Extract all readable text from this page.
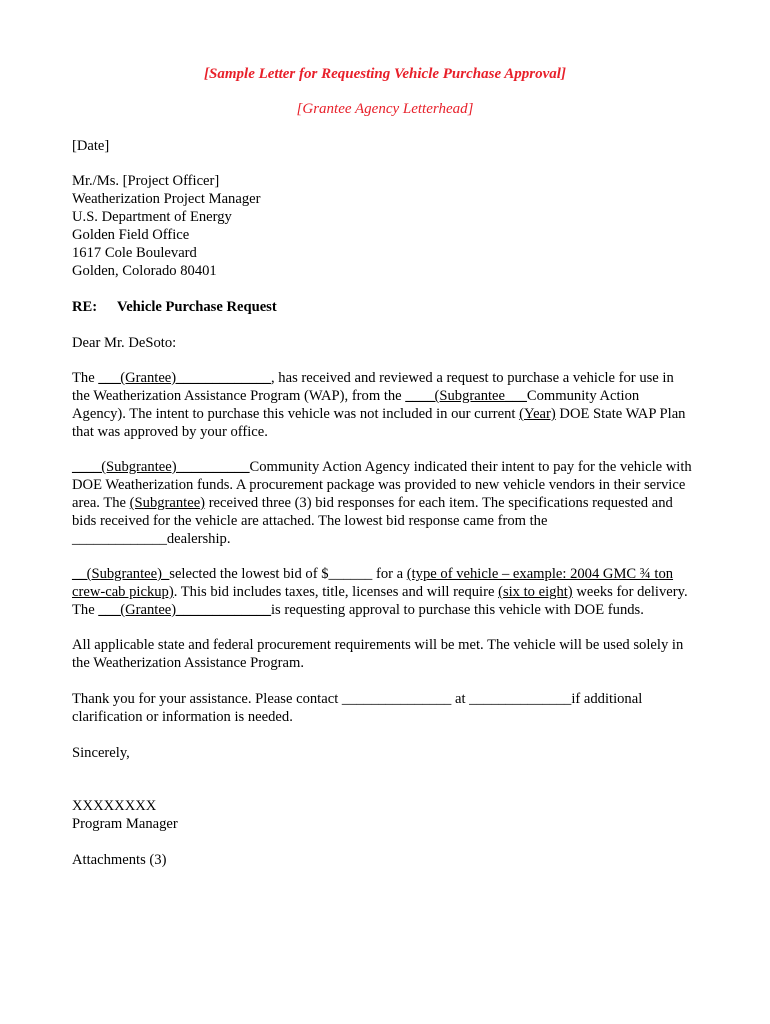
[Sample Letter for Requesting Vehicle Purchase Approval]
[Grantee Agency Letterhead]
[Date]
Mr./Ms. [Project Officer]
Weatherization Project Manager
U.S. Department of Energy
Golden Field Office
1617 Cole Boulevard
Golden, Colorado 80401
RE: Vehicle Purchase Request
Dear Mr. DeSoto:
The ___(Grantee)_____________, has received and reviewed a request to purchase a vehicle for use in
the Weatherization Assistance Program (WAP), from the ____(Subgrantee___Community Action
Agency). The intent to purchase this vehicle was not included in our current (Year) DOE State WAP Plan
that was approved by your office.
____(Subgrantee)__________Community Action Agency indicated their intent to pay for the vehicle with
DOE Weatherization funds. A procurement package was provided to new vehicle vendors in their service
area. The (Subgrantee) received three (3) bid responses for each item. The specifications requested and
bids received for the vehicle are attached. The lowest bid response came from the
_____________dealership.
__(Subgrantee)_selected the lowest bid of $______ for a (type of vehicle – example: 2004 GMC ¾ ton
crew-cab pickup). This bid includes taxes, title, licenses and will require (six to eight) weeks for delivery.
The ___(Grantee)_____________is requesting approval to purchase this vehicle with DOE funds.
All applicable state and federal procurement requirements will be met. The vehicle will be used solely in
the Weatherization Assistance Program.
Thank you for your assistance. Please contact _______________ at ______________if additional
clarification or information is needed.
Sincerely,
XXXXXXXX
Program Manager
Attachments (3)
